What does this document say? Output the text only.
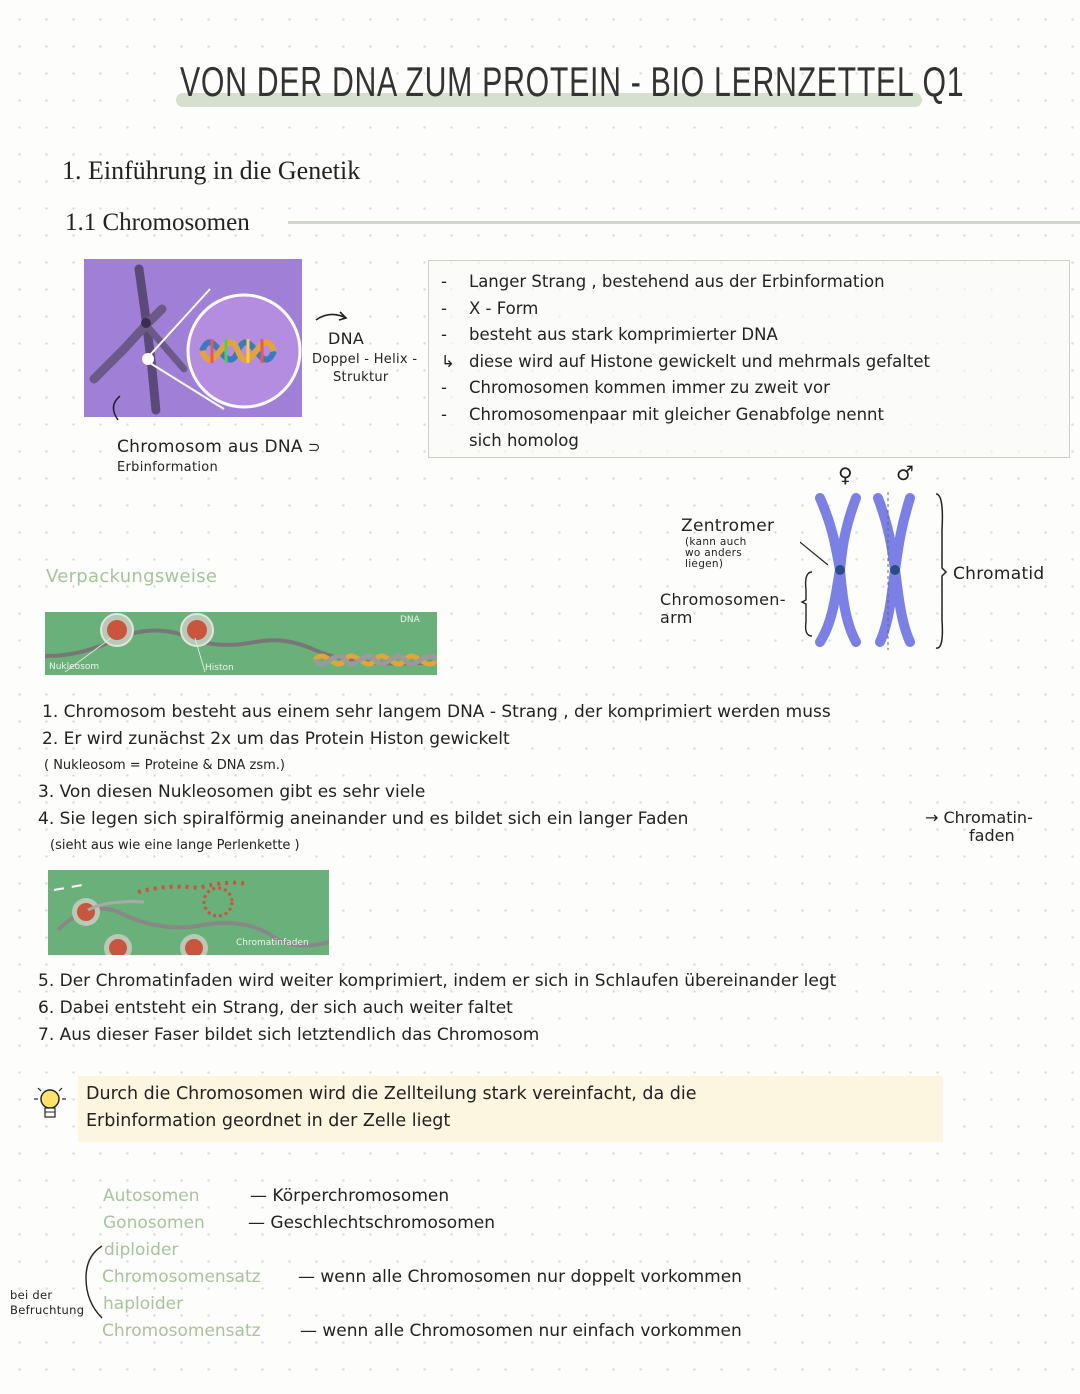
VON DER DNA ZUM PROTEIN - BIO LERNZETTEL Q1
1. Einführung in die Genetik
1.1 Chromosomen
DNA
Doppel - Helix -
Struktur
Chromosom aus DNA ⊃
Erbinformation
- Langer Strang , bestehend aus der Erbinformation
- X - Form
- besteht aus stark komprimierter DNA
↳ diese wird auf Histone gewickelt und mehrmals gefaltet
- Chromosomen kommen immer zu zweit vor
- Chromosomenpaar mit gleicher Genabfolge nennt
sich homolog
♀ ♂
Zentromer
(kann auch
wo anders
liegen)
Chromosomen-
arm
Chromatid
Verpackungsweise
Nukleosom	Histon
DNA
1. Chromosom besteht aus einem sehr langem DNA - Strang , der komprimiert werden muss
2. Er wird zunächst 2x um das Protein Histon gewickelt
( Nukleosom = Proteine & DNA zsm.)
3. Von diesen Nukleosomen gibt es sehr viele
4. Sie legen sich spiralförmig aneinander und es bildet sich ein langer Faden	→ Chromatin-
faden
(sieht aus wie eine lange Perlenkette )
Chromatinfaden
5. Der Chromatinfaden wird weiter komprimiert, indem er sich in Schlaufen übereinander legt
6. Dabei entsteht ein Strang, der sich auch weiter faltet
7. Aus dieser Faser bildet sich letztendlich das Chromosom
Durch die Chromosomen wird die Zellteilung stark vereinfacht, da die
Erbinformation geordnet in der Zelle liegt
Autosomen	— Körperchromosomen
Gonosomen	— Geschlechtschromosomen
diploider
Chromosomensatz — wenn alle Chromosomen nur doppelt vorkommen
haploider
Chromosomensatz — wenn alle Chromosomen nur einfach vorkommen
bei der
Befruchtung
